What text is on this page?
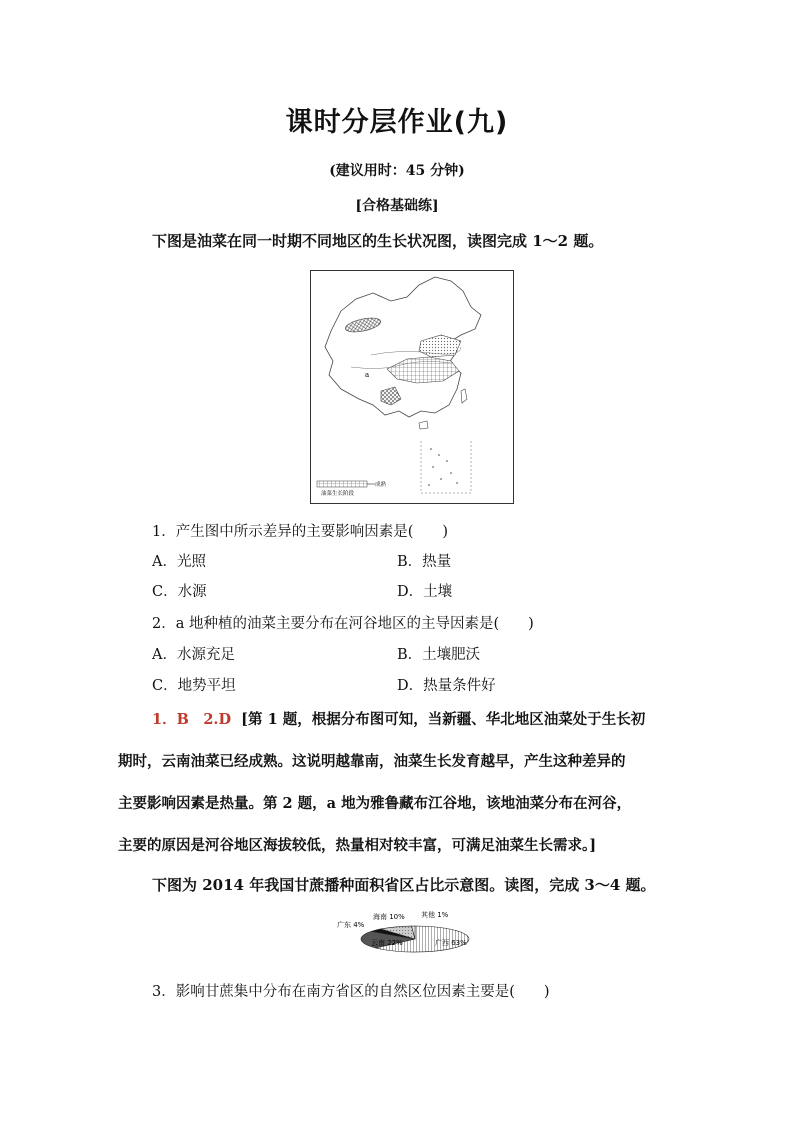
课时分层作业(九)
(建议用时：45 分钟)
[合格基础练]
下图是油菜在同一时期不同地区的生长状况图，读图完成 1～2 题。
a
成熟
油菜生长阶段
1．产生图中所示差异的主要影响因素是(　　)
A．光照	B．热量
C．水源	D．土壤
2．a 地种植的油菜主要分布在河谷地区的主导因素是(　　)
A．水源充足	B．土壤肥沃
C．地势平坦	D．热量条件好
1．B　2.D [第 1 题，根据分布图可知，当新疆、华北地区油菜处于生长初
期时，云南油菜已经成熟。这说明越靠南，油菜生长发育越早，产生这种差异的
主要影响因素是热量。第 2 题，a 地为雅鲁藏布江谷地，该地油菜分布在河谷，
主要的原因是河谷地区海拔较低，热量相对较丰富，可满足油菜生长需求。]
下图为 2014 年我国甘蔗播种面积省区占比示意图。读图，完成 3～4 题。
广西 63%
云南 22%
广东 4%
海南 10% 其他 1%
3．影响甘蔗集中分布在南方省区的自然区位因素主要是(　　)
